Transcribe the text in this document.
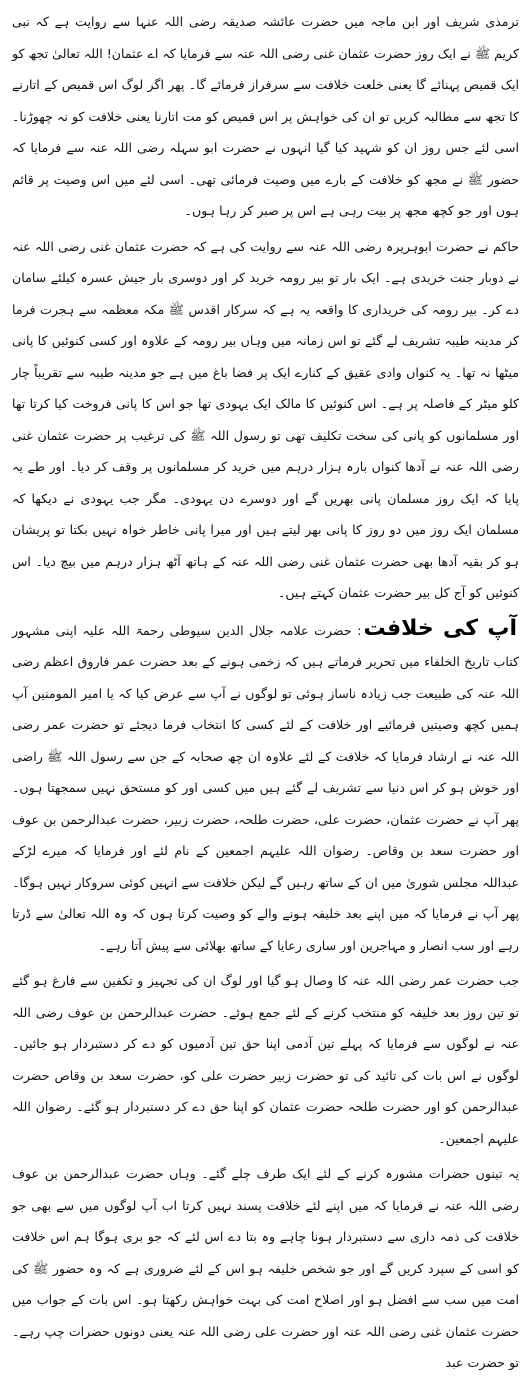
ترمذی شریف اور ابن ماجہ میں حضرت عائشہ صدیقہ رضی اللہ عنہا سے روایت ہے کہ نبی کریم ﷺ نے ایک روز حضرت عثمان غنی رضی اللہ عنہ سے فرمایا کہ اے عثمان! اللہ تعالیٰ تجھ کو ایک قمیص پہنائے گا یعنی خلعت خلافت سے سرفراز فرمائے گا۔ پھر اگر لوگ اس قمیص کے اتارنے کا تجھ سے مطالبہ کریں تو ان کی خواہش پر اس قمیص کو مت اتارنا یعنی خلافت کو نہ چھوڑنا۔ اسی لئے جس روز ان کو شہید کیا گیا انہوں نے حضرت ابو سہلہ رضی اللہ عنہ سے فرمایا کہ حضور ﷺ نے مجھ کو خلافت کے بارے میں وصیت فرمائی تھی۔ اسی لئے میں اس وصیت پر قائم ہوں اور جو کچھ مجھ پر بیت رہی ہے اس پر صبر کر رہا ہوں۔

حاکم نے حضرت ابوہریرہ رضی اللہ عنہ سے روایت کی ہے کہ حضرت عثمان غنی رضی اللہ عنہ نے دوبار جنت خریدی ہے۔ ایک بار تو بیر رومہ خرید کر اور دوسری بار جیش عسرہ کیلئے سامان دے کر۔ بیر رومہ کی خریداری کا واقعہ یہ ہے کہ سرکار اقدس ﷺ مکہ معظمہ سے ہجرت فرما کر مدینہ طیبہ تشریف لے گئے تو اس زمانہ میں وہاں بیر رومہ کے علاوہ اور کسی کنوئیں کا پانی میٹھا نہ تھا۔ یہ کنواں وادی عقیق کے کنارے ایک پر فضا باغ میں ہے جو مدینہ طیبہ سے تقریباً چار کلو میٹر کے فاصلہ پر ہے۔ اس کنوئیں کا مالک ایک یہودی تھا جو اس کا پانی فروخت کیا کرتا تھا اور مسلمانوں کو پانی کی سخت تکلیف تھی تو رسول اللہ ﷺ کی ترغیب پر حضرت عثمان غنی رضی اللہ عنہ نے آدھا کنواں بارہ ہزار درہم میں خرید کر مسلمانوں پر وقف کر دیا۔ اور طے یہ پایا کہ ایک روز مسلمان پانی بھریں گے اور دوسرے دن یہودی۔ مگر جب یہودی نے دیکھا کہ مسلمان ایک روز میں دو روز کا پانی بھر لیتے ہیں اور میرا پانی خاطر خواہ نہیں بکتا تو پریشان ہو کر بقیہ آدھا بھی حضرت عثمان غنی رضی اللہ عنہ کے ہاتھ آٹھ ہزار درہم میں بیچ دیا۔ اس کنوئیں کو آج کل بیر حضرت عثمان کہتے ہیں۔

آپ کی خلافت: حضرت علامہ جلال الدین سیوطی رحمۃ اللہ علیہ اپنی مشہور کتاب تاریخ الخلفاء میں تحریر فرماتے ہیں کہ زخمی ہونے کے بعد حضرت عمر فاروق اعظم رضی اللہ عنہ کی طبیعت جب زیادہ ناساز ہوئی تو لوگوں نے آپ سے عرض کیا کہ یا امیر المومنین آپ ہمیں کچھ وصیتیں فرمائیے اور خلافت کے لئے کسی کا انتخاب فرما دیجئے تو حضرت عمر رضی اللہ عنہ نے ارشاد فرمایا کہ خلافت کے لئے علاوہ ان چھ صحابہ کے جن سے رسول اللہ ﷺ راضی اور خوش ہو کر اس دنیا سے تشریف لے گئے ہیں میں کسی اور کو مستحق نہیں سمجھتا ہوں۔ پھر آپ نے حضرت عثمان، حضرت علی، حضرت طلحہ، حضرت زبیر، حضرت عبدالرحمن بن عوف اور حضرت سعد بن وقاص۔ رضوان اللہ علیہم اجمعین کے نام لئے اور فرمایا کہ میرے لڑکے عبداللہ مجلس شوریٰ میں ان کے ساتھ رہیں گے لیکن خلافت سے انہیں کوئی سروکار نہیں ہوگا۔ پھر آپ نے فرمایا کہ میں اپنے بعد خلیفہ ہونے والے کو وصیت کرتا ہوں کہ وہ اللہ تعالیٰ سے ڈرتا رہے اور سب انصار و مہاجرین اور ساری رعایا کے ساتھ بھلائی سے پیش آتا رہے۔

جب حضرت عمر رضی اللہ عنہ کا وصال ہو گیا اور لوگ ان کی تجہیز و تکفین سے فارغ ہو گئے تو تین روز بعد خلیفہ کو منتخب کرنے کے لئے جمع ہوئے۔ حضرت عبدالرحمن بن عوف رضی اللہ عنہ نے لوگوں سے فرمایا کہ پہلے تین آدمی اپنا حق تین آدمیوں کو دے کر دستبردار ہو جائیں۔ لوگوں نے اس بات کی تائید کی تو حضرت زبیر حضرت علی کو، حضرت سعد بن وقاص حضرت عبدالرحمن کو اور حضرت طلحہ حضرت عثمان کو اپنا حق دے کر دستبردار ہو گئے۔ رضوان اللہ علیہم اجمعین۔

یہ تینوں حضرات مشورہ کرنے کے لئے ایک طرف چلے گئے۔ وہاں حضرت عبدالرحمن بن عوف رضی اللہ عنہ نے فرمایا کہ میں اپنے لئے خلافت پسند نہیں کرتا اب آپ لوگوں میں سے بھی جو خلافت کی ذمہ داری سے دستبردار ہونا چاہے وہ بتا دے اس لئے کہ جو بری ہوگا ہم اس خلافت کو اسی کے سپرد کریں گے اور جو شخص خلیفہ ہو اس کے لئے ضروری ہے کہ وہ حضور ﷺ کی امت میں سب سے افضل ہو اور اصلاح امت کی بہت خواہش رکھتا ہو۔ اس بات کے جواب میں حضرت عثمان غنی رضی اللہ عنہ اور حضرت علی رضی اللہ عنہ یعنی دونوں حضرات چپ رہے۔ تو حضرت عبد
